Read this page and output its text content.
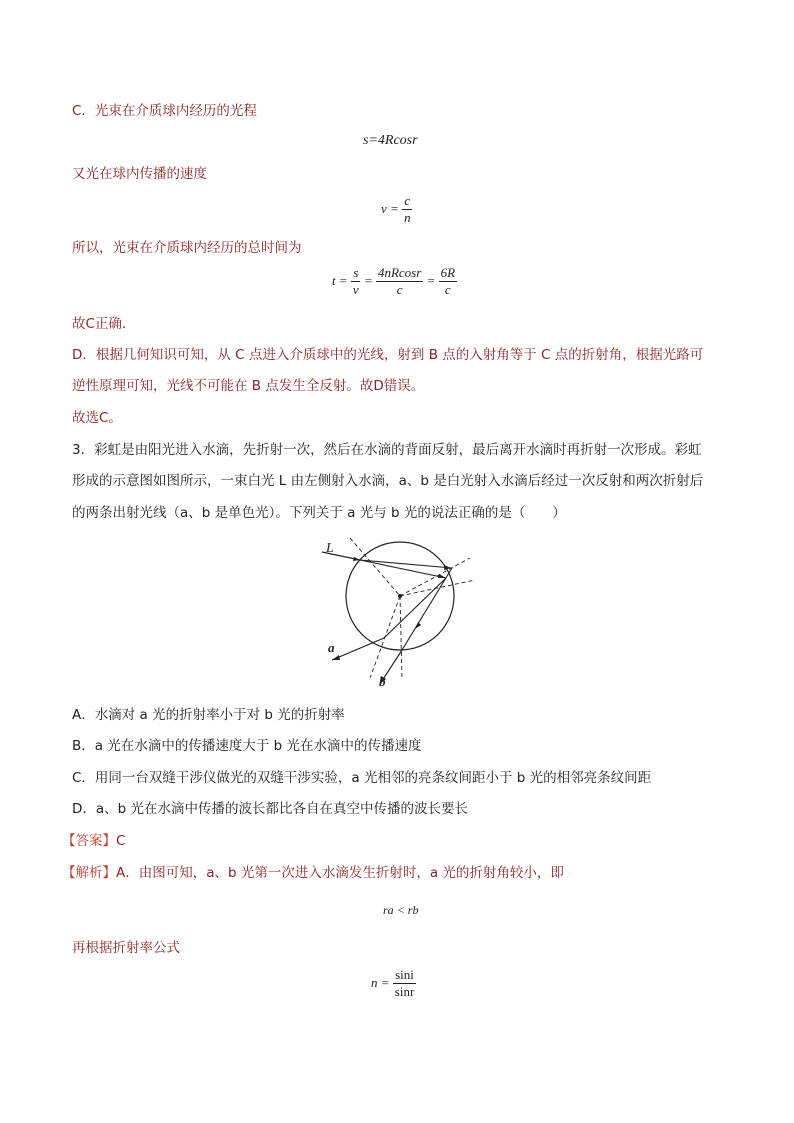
C．光束在介质球内经历的光程
s=4Rcosr
又光在球内传播的速度
$v = \frac{c}{n}$
所以，光束在介质球内经历的总时间为
$t = \frac{s}{v} = \frac{4nRcosr}{c} = \frac{6R}{c}$
故C正确．
D．根据几何知识可知，从 C 点进入介质球中的光线，射到 B 点的入射角等于 C 点的折射角，根据光路可
逆性原理可知，光线不可能在 B 点发生全反射。故D错误。
故选C。
3．彩虹是由阳光进入水滴，先折射一次，然后在水滴的背面反射，最后离开水滴时再折射一次形成。彩虹
形成的示意图如图所示，一束白光 L 由左侧射入水滴，a、b 是白光射入水滴后经过一次反射和两次折射后
的两条出射光线（a、b 是单色光）。下列关于 a 光与 b 光的说法正确的是（　　）
L
a
b
A．水滴对 a 光的折射率小于对 b 光的折射率
B．a 光在水滴中的传播速度大于 b 光在水滴中的传播速度
C．用同一台双缝干涉仪做光的双缝干涉实验，a 光相邻的亮条纹间距小于 b 光的相邻亮条纹间距
D．a、b 光在水滴中传播的波长都比各自在真空中传播的波长要长
【答案】C
【解析】A．由图可知，a、b 光第一次进入水滴发生折射时，a 光的折射角较小，即
ra < rb
再根据折射率公式
$n = \frac{\sin i}{\sin r}$
